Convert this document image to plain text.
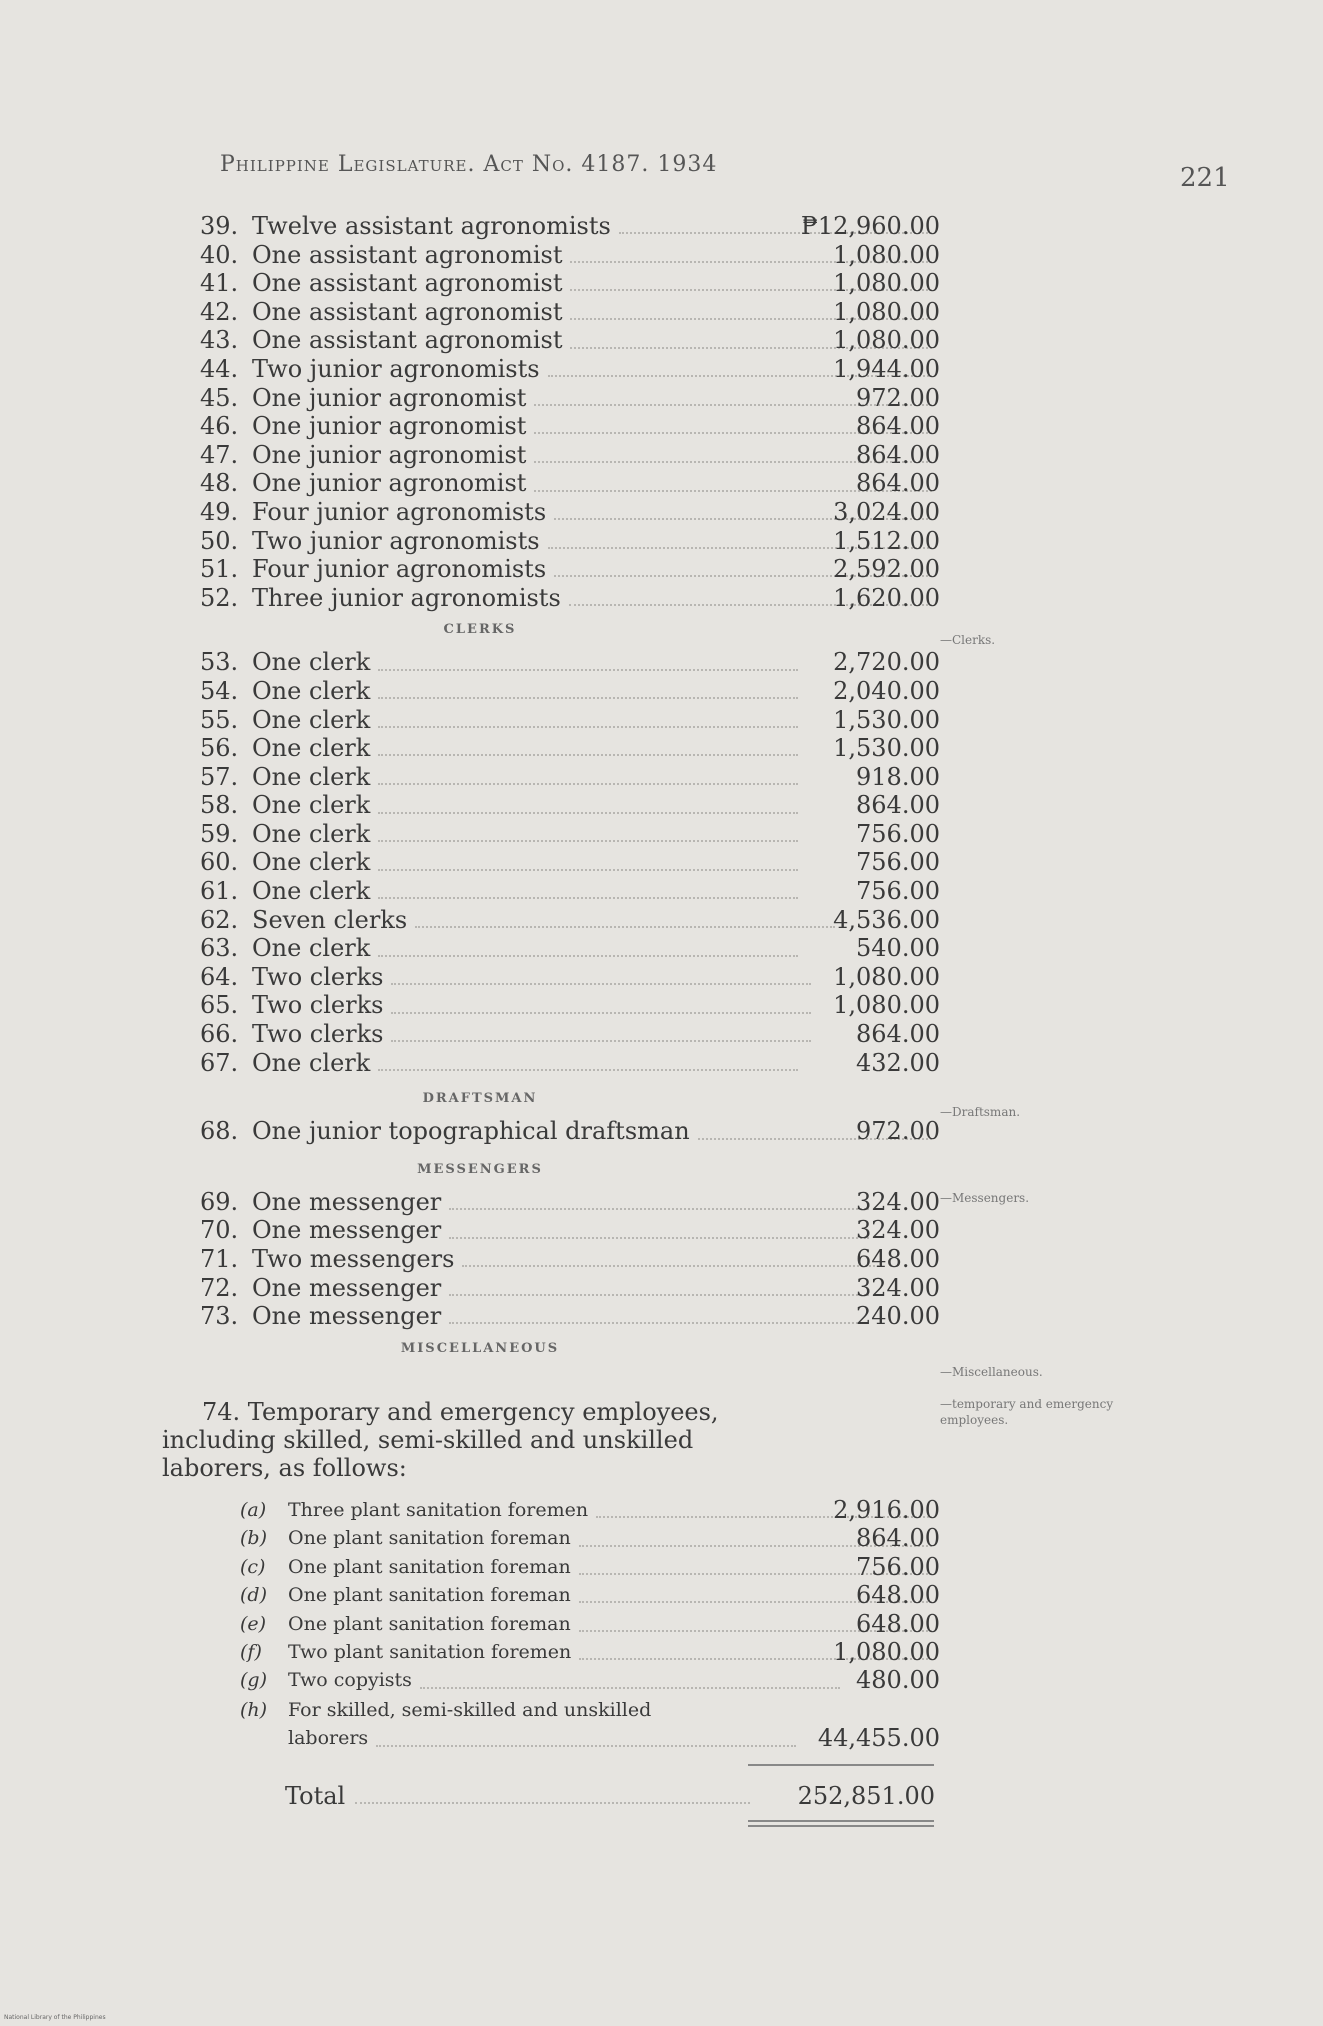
Philippine Legislature. Act No. 4187. 1934	221
39. Twelve assistant agronomists	₱12,960.00
40. One assistant agronomist	1,080.00
41. One assistant agronomist	1,080.00
42. One assistant agronomist	1,080.00
43. One assistant agronomist	1,080.00
44. Two junior agronomists	1,944.00
45. One junior agronomist	972.00
46. One junior agronomist	864.00
47. One junior agronomist	864.00
48. One junior agronomist	864.00
49. Four junior agronomists	3,024.00
50. Two junior agronomists	1,512.00
51. Four junior agronomists	2,592.00
52. Three junior agronomists	1,620.00
CLERKS
53. One clerk	2,720.00
54. One clerk	2,040.00
55. One clerk	1,530.00
56. One clerk	1,530.00
57. One clerk	918.00
58. One clerk	864.00
59. One clerk	756.00
60. One clerk	756.00
61. One clerk	756.00
62. Seven clerks	4,536.00
63. One clerk	540.00
64. Two clerks	1,080.00
65. Two clerks	1,080.00
66. Two clerks	864.00
67. One clerk	432.00
DRAFTSMAN
68. One junior topographical draftsman	972.00
MESSENGERS
69. One messenger	324.00
70. One messenger	324.00
71. Two messengers	648.00
72. One messenger	324.00
73. One messenger	240.00
MISCELLANEOUS
—Clerks.
—Draftsman.
—Messengers.
—Miscellaneous.
—temporary and emergency employees.
74. Temporary and emergency employees, including skilled, semi-skilled and unskilled laborers, as follows:
(a)	Three plant sanitation foremen	2,916.00
(b)	One plant sanitation foreman	864.00
(c)	One plant sanitation foreman	756.00
(d)	One plant sanitation foreman	648.00
(e)	One plant sanitation foreman	648.00
(f)	Two plant sanitation foremen	1,080.00
(g)	Two copyists	480.00
(h)	For skilled, semi-skilled and unskilled
laborers	44,455.00
Total	252,851.00
National Library of the Philippines
